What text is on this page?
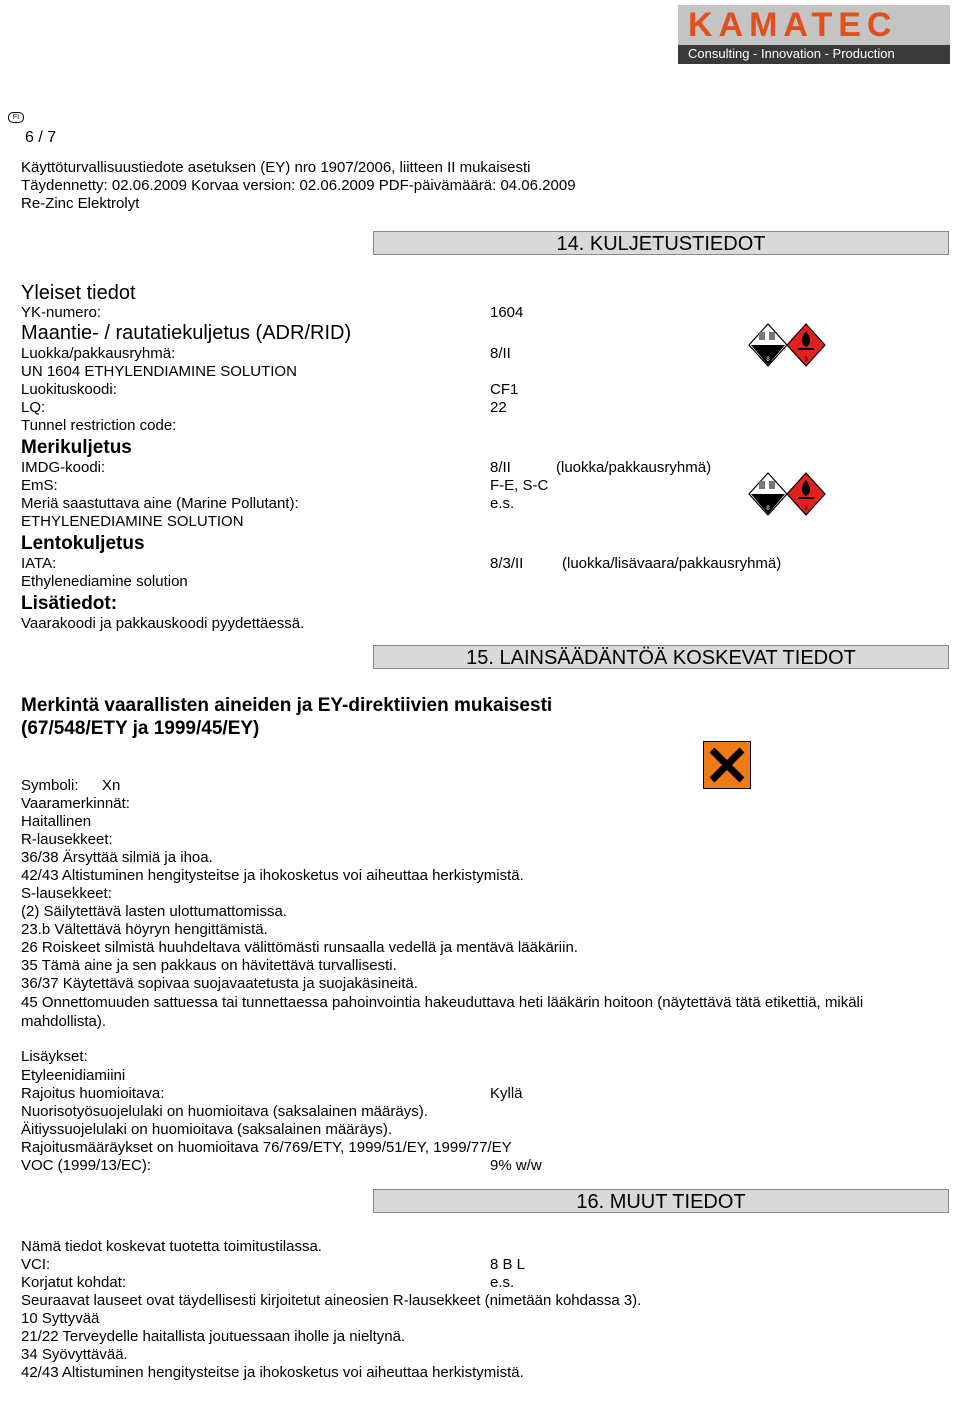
KAMATEC
Consulting - Innovation - Production
FI
6 / 7
Käyttöturvallisuustiedote asetuksen (EY) nro 1907/2006, liitteen II mukaisesti
Täydennetty: 02.06.2009 Korvaa version: 02.06.2009 PDF-päivämäärä: 04.06.2009
Re-Zinc Elektrolyt
14. KULJETUSTIEDOT
Yleiset tiedot
YK-numero:	1604
Maantie- / rautatiekuljetus (ADR/RID)
Luokka/pakkausryhmä:	8/II
UN 1604 ETHYLENDIAMINE SOLUTION
Luokituskoodi:	CF1
LQ:	22
Tunnel restriction code:
Merikuljetus
IMDG-koodi:	8/II	(luokka/pakkausryhmä)
EmS:	F-E, S-C
Meriä saastuttava aine (Marine Pollutant):	e.s.
ETHYLENEDIAMINE SOLUTION
Lentokuljetus
IATA:	8/3/II	(luokka/lisävaara/pakkausryhmä)
Ethylenediamine solution
Lisätiedot:
Vaarakoodi ja pakkauskoodi pyydettäessä.
8	3
8	3
15. LAINSÄÄDÄNTÖÄ KOSKEVAT TIEDOT
Merkintä vaarallisten aineiden ja EY-direktiivien mukaisesti
(67/548/ETY ja 1999/45/EY)
Symboli: Xn
Vaaramerkinnät:
Haitallinen
R-lausekkeet:
36/38 Ärsyttää silmiä ja ihoa.
42/43 Altistuminen hengitysteitse ja ihokosketus voi aiheuttaa herkistymistä.
S-lausekkeet:
(2) Säilytettävä lasten ulottumattomissa.
23.b Vältettävä höyryn hengittämistä.
26 Roiskeet silmistä huuhdeltava välittömästi runsaalla vedellä ja mentävä lääkäriin.
35 Tämä aine ja sen pakkaus on hävitettävä turvallisesti.
36/37 Käytettävä sopivaa suojavaatetusta ja suojakäsineitä.
45 Onnettomuuden sattuessa tai tunnettaessa pahoinvointia hakeuduttava heti lääkärin hoitoon (näytettävä tätä etikettiä, mikäli
mahdollista).
Lisäykset:
Etyleenidiamiini
Rajoitus huomioitava:	Kyllä
Nuorisotyösuojelulaki on huomioitava (saksalainen määräys).
Äitiyssuojelulaki on huomioitava (saksalainen määräys).
Rajoitusmääräykset on huomioitava 76/769/ETY, 1999/51/EY, 1999/77/EY
VOC (1999/13/EC):	9% w/w
16. MUUT TIEDOT
Nämä tiedot koskevat tuotetta toimitustilassa.
VCI:	8 B L
Korjatut kohdat:	e.s.
Seuraavat lauseet ovat täydellisesti kirjoitetut aineosien R-lausekkeet (nimetään kohdassa 3).
10 Syttyvää
21/22 Terveydelle haitallista joutuessaan iholle ja nieltynä.
34 Syövyttävää.
42/43 Altistuminen hengitysteitse ja ihokosketus voi aiheuttaa herkistymistä.
